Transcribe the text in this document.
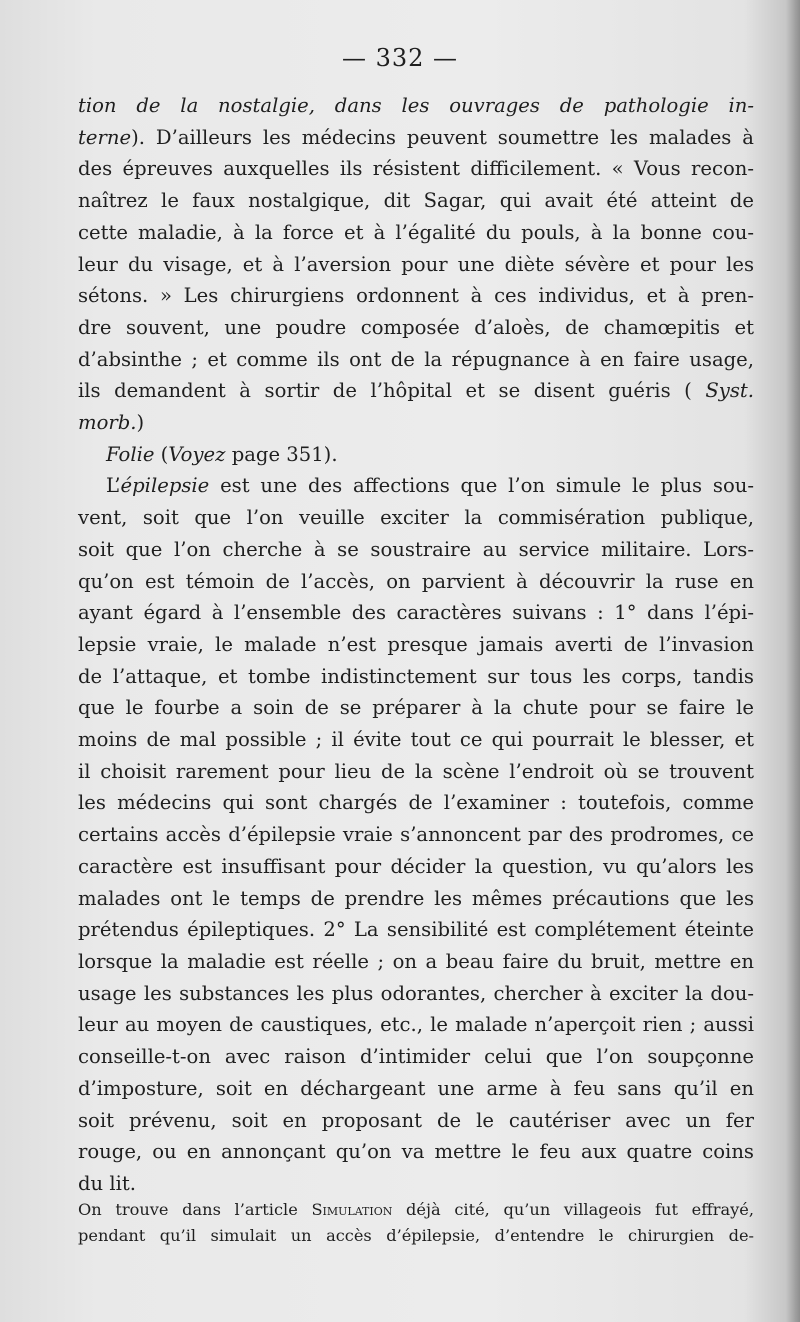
— 332 —
tion de la nostalgie, dans les ouvrages de pathologie in-
terne). D’ailleurs les médecins peuvent soumettre les malades à
des épreuves auxquelles ils résistent difficilement. « Vous recon-
naîtrez le faux nostalgique, dit Sagar, qui avait été atteint de
cette maladie, à la force et à l’égalité du pouls, à la bonne cou-
leur du visage, et à l’aversion pour une diète sévère et pour les
sétons. » Les chirurgiens ordonnent à ces individus, et à pren-
dre souvent, une poudre composée d’aloès, de chamœpitis et
d’absinthe ; et comme ils ont de la répugnance à en faire usage,
ils demandent à sortir de l’hôpital et se disent guéris ( Syst.
morb.)
Folie (Voyez page 351).
L’épilepsie est une des affections que l’on simule le plus sou-
vent, soit que l’on veuille exciter la commisération publique,
soit que l’on cherche à se soustraire au service militaire. Lors-
qu’on est témoin de l’accès, on parvient à découvrir la ruse en
ayant égard à l’ensemble des caractères suivans : 1° dans l’épi-
lepsie vraie, le malade n’est presque jamais averti de l’invasion
de l’attaque, et tombe indistinctement sur tous les corps, tandis
que le fourbe a soin de se préparer à la chute pour se faire le
moins de mal possible ; il évite tout ce qui pourrait le blesser, et
il choisit rarement pour lieu de la scène l’endroit où se trouvent
les médecins qui sont chargés de l’examiner : toutefois, comme
certains accès d’épilepsie vraie s’annoncent par des prodromes, ce
caractère est insuffisant pour décider la question, vu qu’alors les
malades ont le temps de prendre les mêmes précautions que les
prétendus épileptiques. 2° La sensibilité est complétement éteinte
lorsque la maladie est réelle ; on a beau faire du bruit, mettre en
usage les substances les plus odorantes, chercher à exciter la dou-
leur au moyen de caustiques, etc., le malade n’aperçoit rien ; aussi
conseille-t-on avec raison d’intimider celui que l’on soupçonne
d’imposture, soit en déchargeant une arme à feu sans qu’il en
soit prévenu, soit en proposant de le cautériser avec un fer
rouge, ou en annonçant qu’on va mettre le feu aux quatre coins
du lit.
On trouve dans l’article Simulation déjà cité, qu’un villageois fut effrayé,
pendant qu’il simulait un accès d’épilepsie, d’entendre le chirurgien de-
